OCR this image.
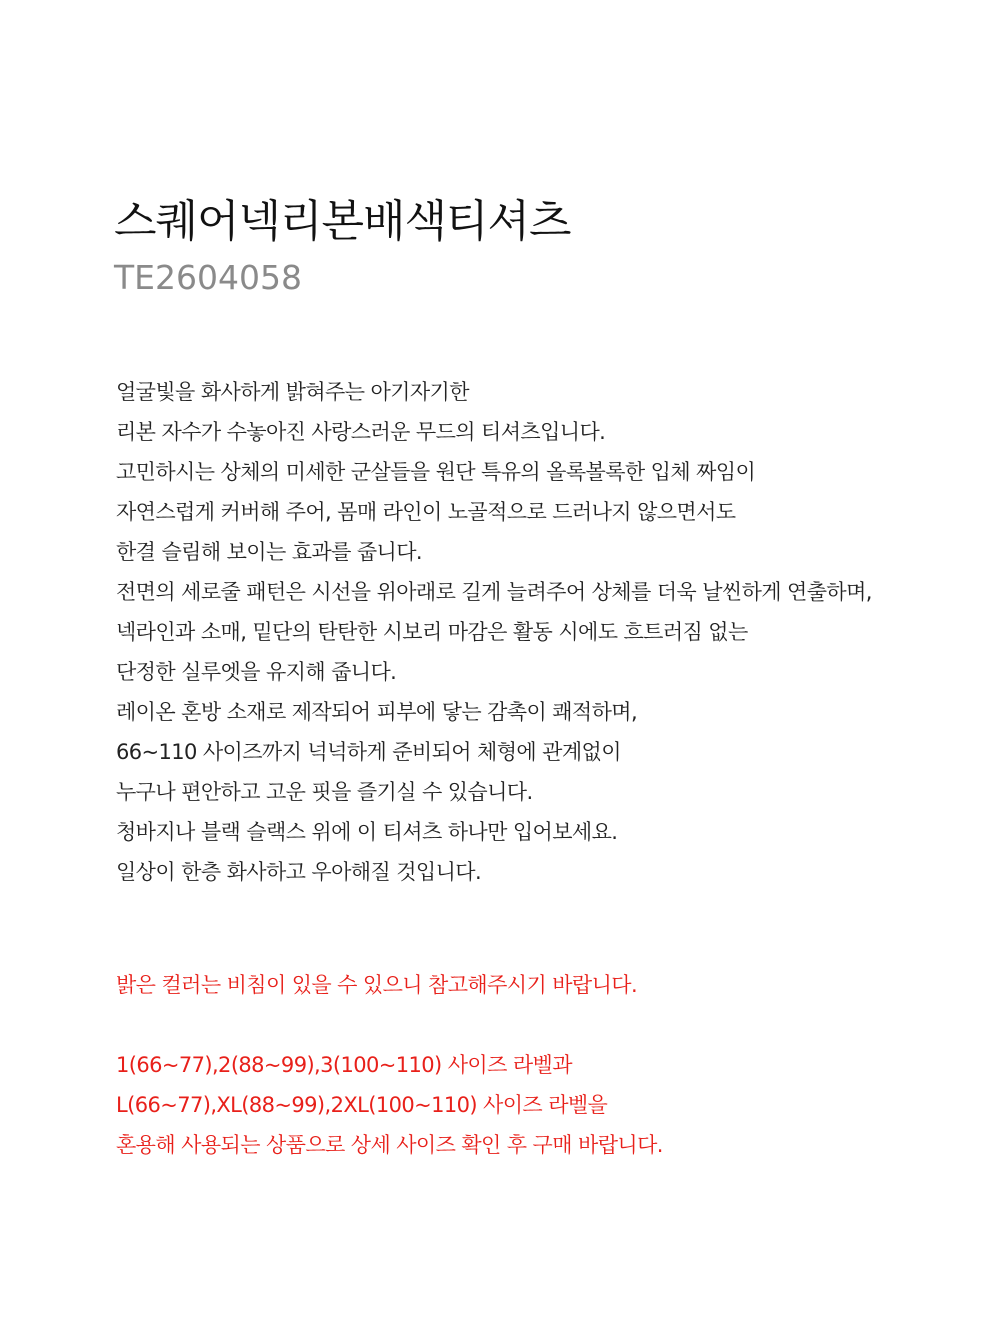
스퀘어넥리본배색티셔츠
TE2604058
얼굴빛을 화사하게 밝혀주는 아기자기한
리본 자수가 수놓아진 사랑스러운 무드의 티셔츠입니다.
고민하시는 상체의 미세한 군살들을 원단 특유의 올록볼록한 입체 짜임이
자연스럽게 커버해 주어, 몸매 라인이 노골적으로 드러나지 않으면서도
한결 슬림해 보이는 효과를 줍니다.
전면의 세로줄 패턴은 시선을 위아래로 길게 늘려주어 상체를 더욱 날씬하게 연출하며,
넥라인과 소매, 밑단의 탄탄한 시보리 마감은 활동 시에도 흐트러짐 없는
단정한 실루엣을 유지해 줍니다.
레이온 혼방 소재로 제작되어 피부에 닿는 감촉이 쾌적하며,
66~110 사이즈까지 넉넉하게 준비되어 체형에 관계없이
누구나 편안하고 고운 핏을 즐기실 수 있습니다.
청바지나 블랙 슬랙스 위에 이 티셔츠 하나만 입어보세요.
일상이 한층 화사하고 우아해질 것입니다.
밝은 컬러는 비침이 있을 수 있으니 참고해주시기 바랍니다.
1(66~77),2(88~99),3(100~110) 사이즈 라벨과
L(66~77),XL(88~99),2XL(100~110) 사이즈 라벨을
혼용해 사용되는 상품으로 상세 사이즈 확인 후 구매 바랍니다.
